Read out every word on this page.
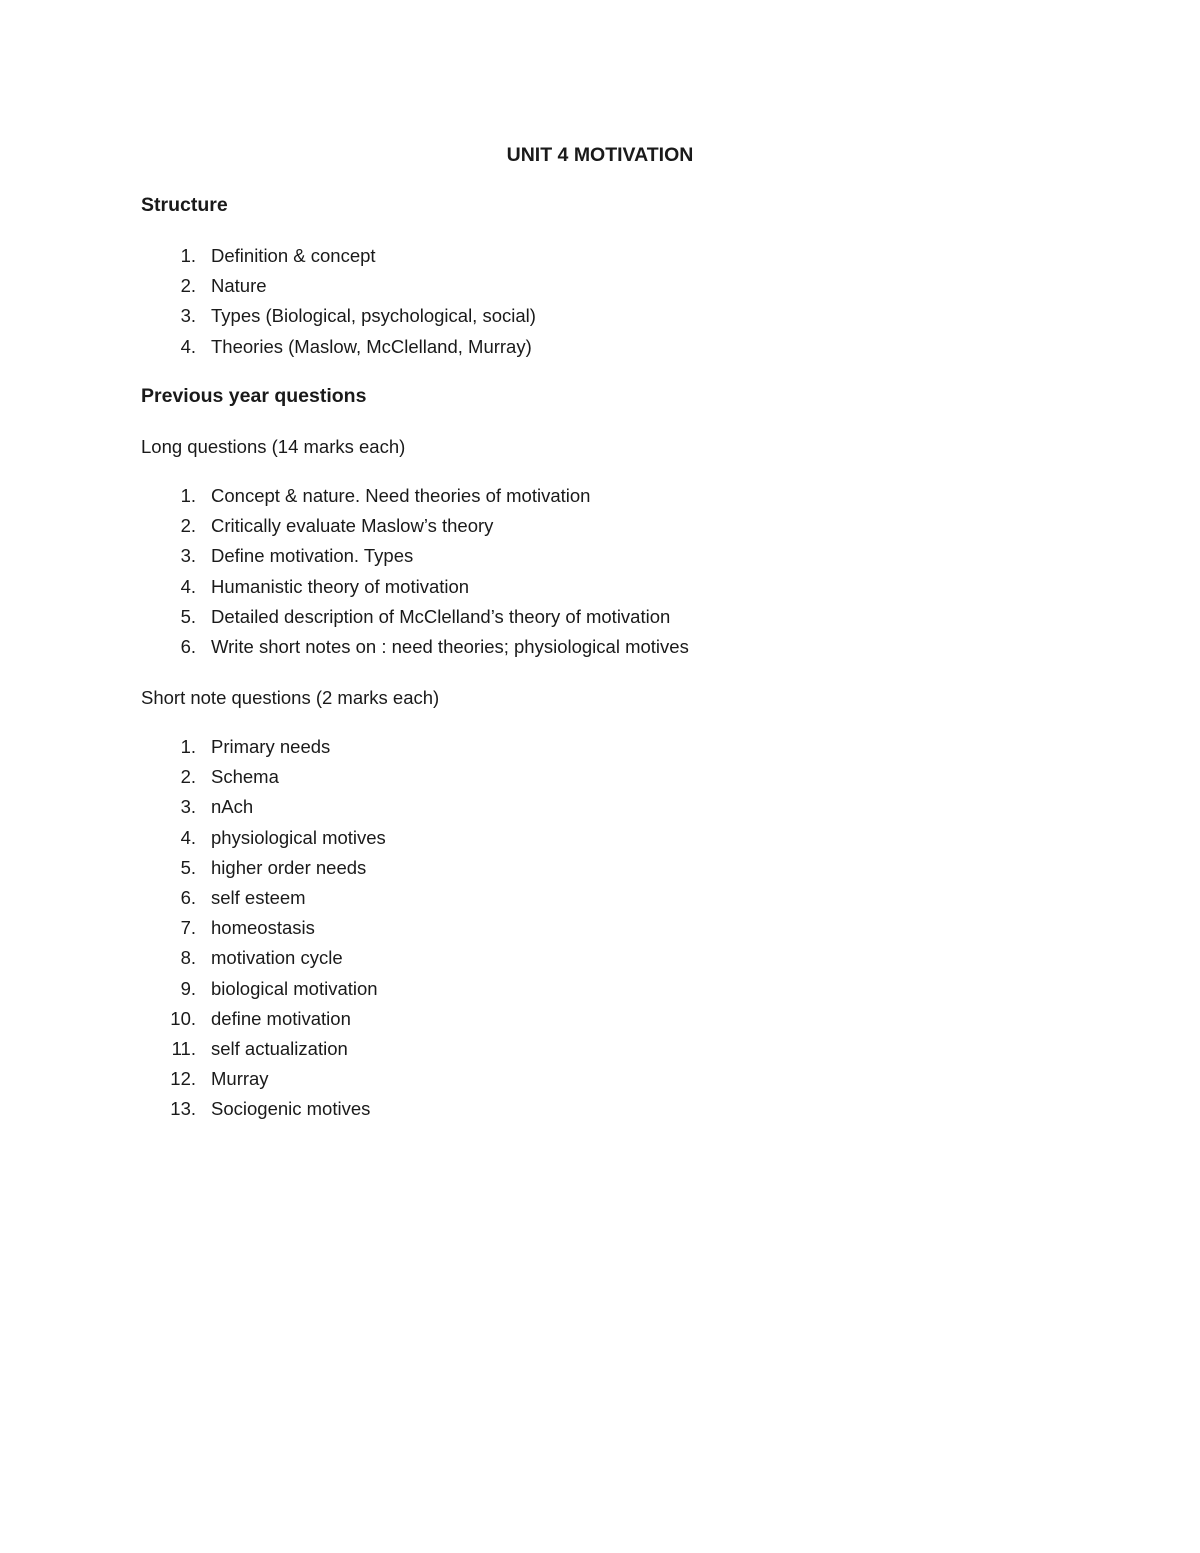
UNIT 4 MOTIVATION
Structure
1. Definition & concept
2. Nature
3. Types (Biological, psychological, social)
4. Theories (Maslow, McClelland, Murray)
Previous year questions

Long questions (14 marks each)

1. Concept & nature. Need theories of motivation
2. Critically evaluate Maslow’s theory
3. Define motivation. Types
4. Humanistic theory of motivation
5. Detailed description of McClelland’s theory of motivation
6. Write short notes on : need theories; physiological motives

Short note questions (2 marks each)

1. Primary needs
2. Schema
3. nAch
4. physiological motives
5. higher order needs
6. self esteem
7. homeostasis
8. motivation cycle
9. biological motivation
10. define motivation
11. self actualization
12. Murray
13. Sociogenic motives
